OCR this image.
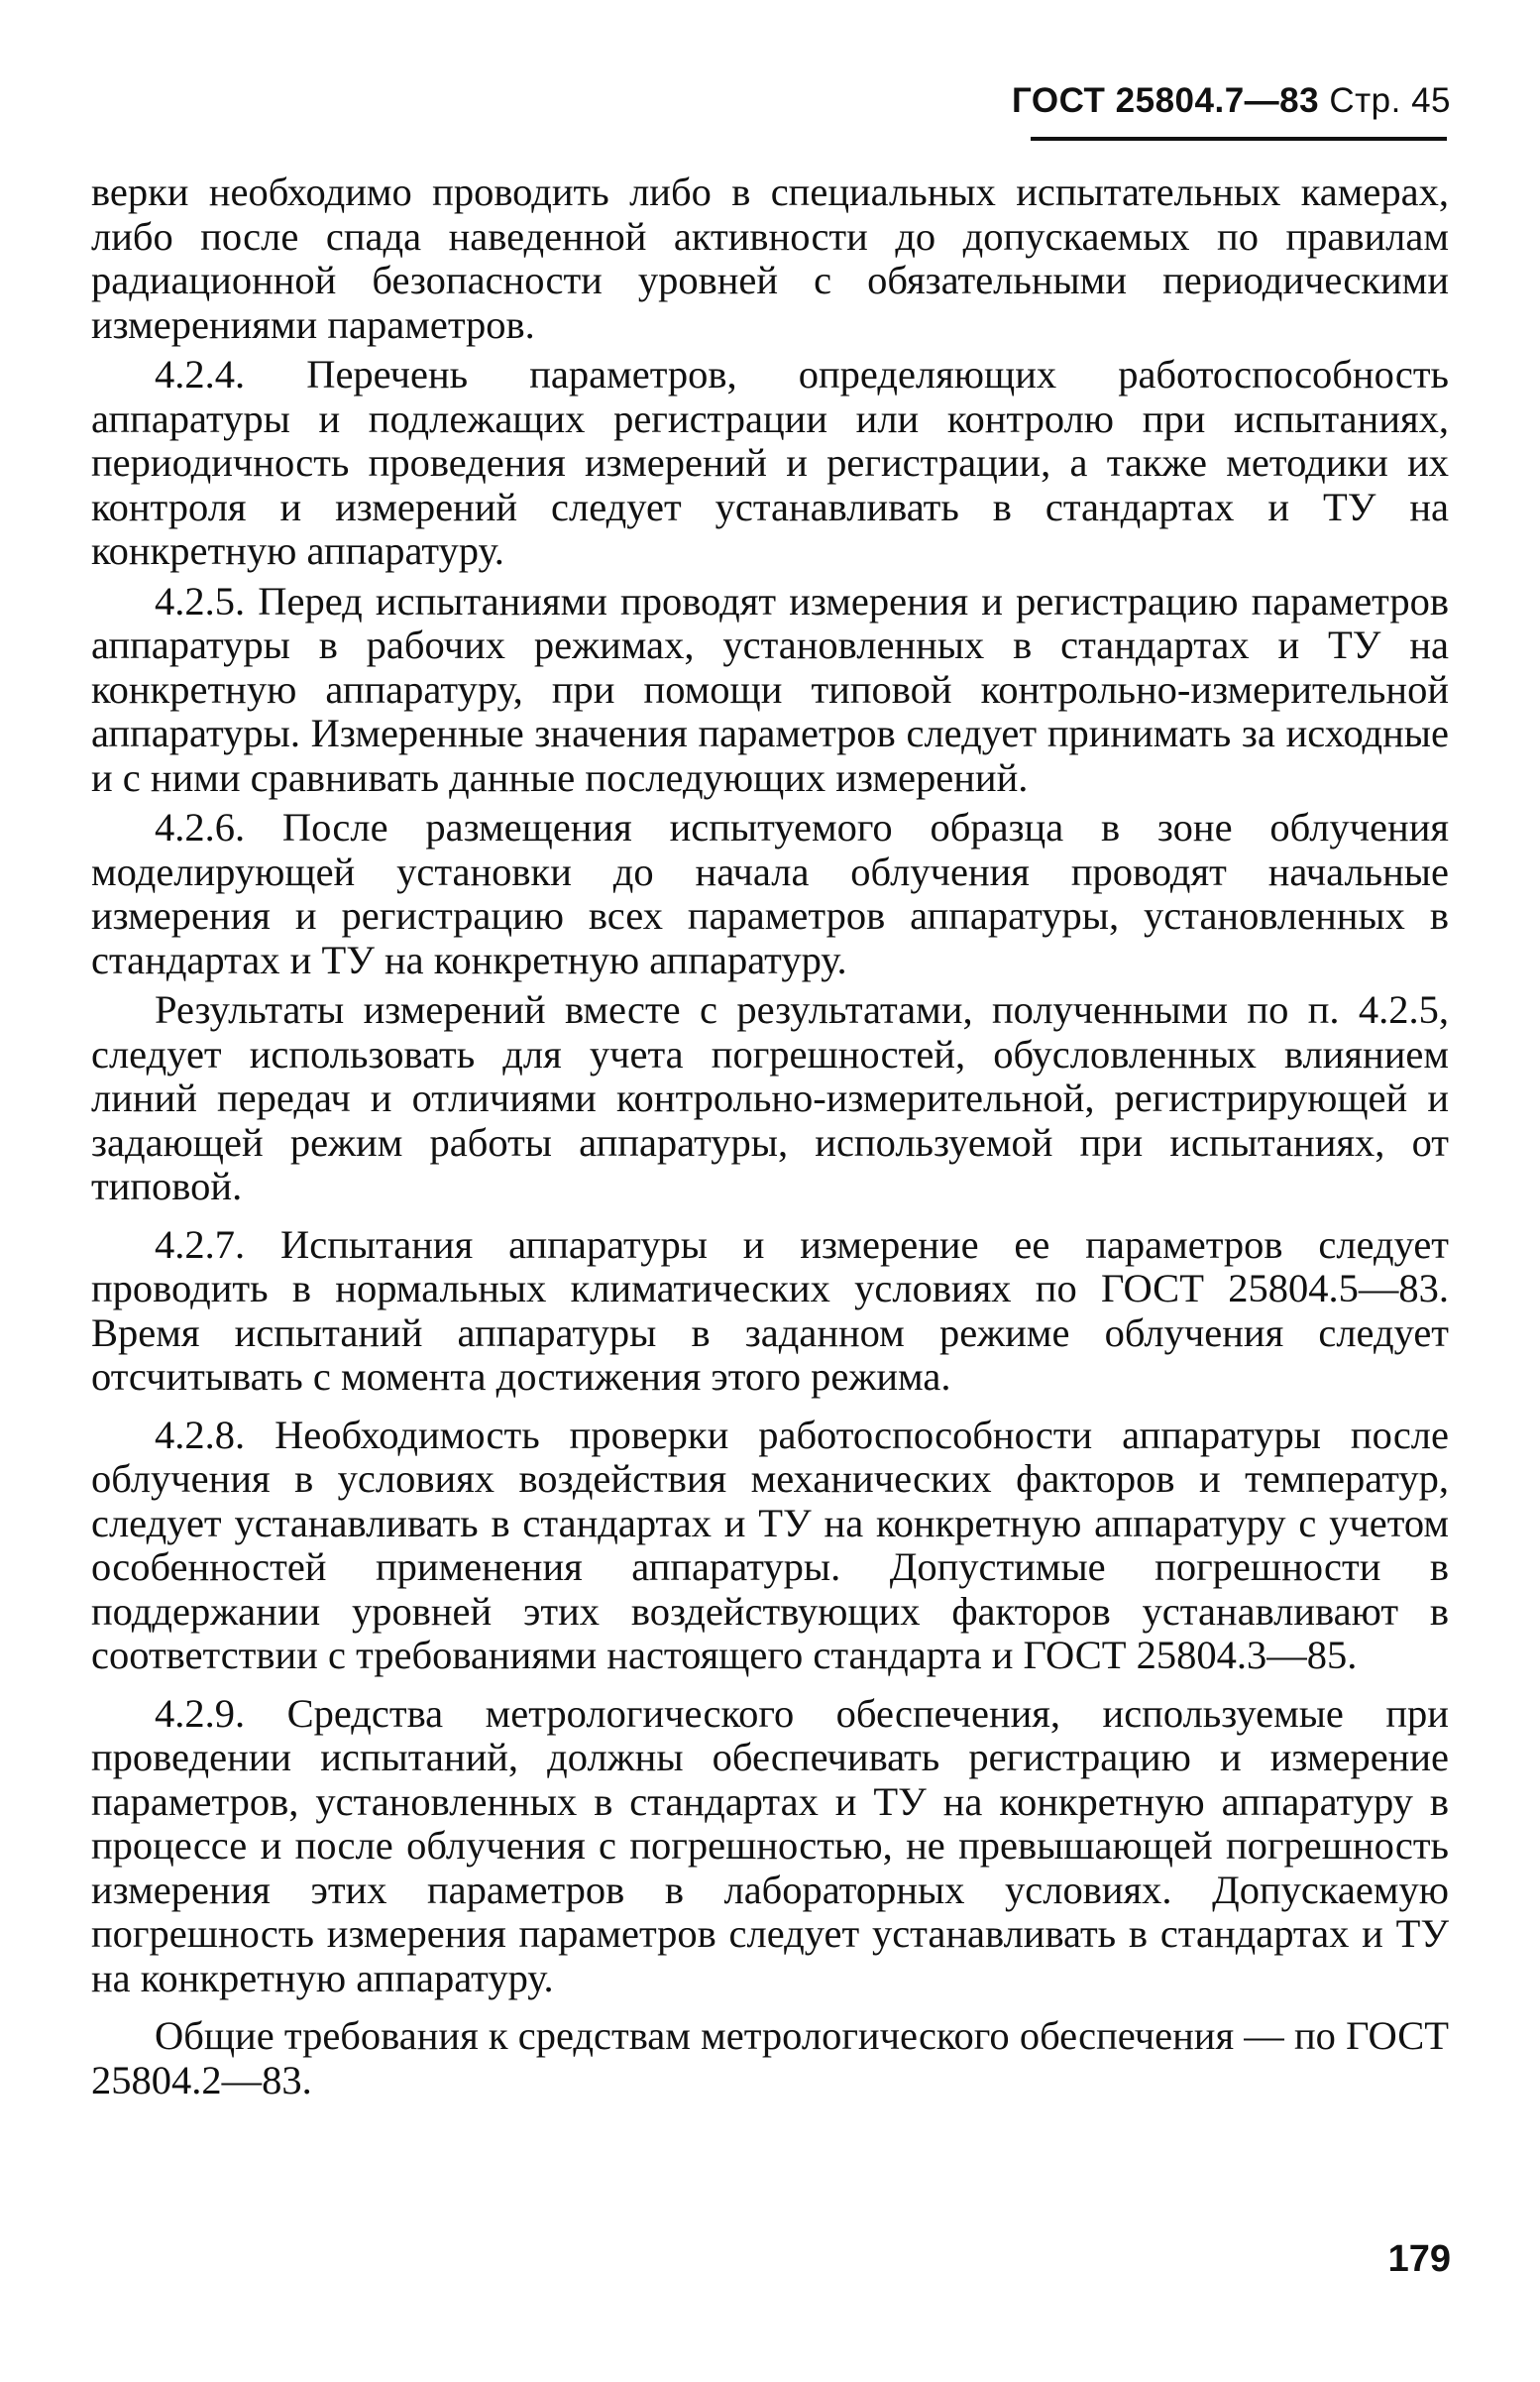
ГОСТ 25804.7—83 Стр. 45

верки необходимо проводить либо в специальных испытательных камерах, либо после спада наведенной активности до допускаемых по правилам радиационной безопасности уровней с обязательными периодическими измерениями параметров.

4.2.4. Перечень параметров, определяющих работоспособность аппаратуры и подлежащих регистрации или контролю при испытаниях, периодичность проведения измерений и регистрации, а также методики их контроля и измерений следует устанавливать в стандартах и ТУ на конкретную аппаратуру.

4.2.5. Перед испытаниями проводят измерения и регистрацию параметров аппаратуры в рабочих режимах, установленных в стандартах и ТУ на конкретную аппаратуру, при помощи типовой контрольно-измерительной аппаратуры. Измеренные значения параметров следует принимать за исходные и с ними сравнивать данные последующих измерений.

4.2.6. После размещения испытуемого образца в зоне облучения моделирующей установки до начала облучения проводят начальные измерения и регистрацию всех параметров аппаратуры, установленных в стандартах и ТУ на конкретную аппаратуру.

Результаты измерений вместе с результатами, полученными по п. 4.2.5, следует использовать для учета погрешностей, обусловленных влиянием линий передач и отличиями контрольно-измерительной, регистрирующей и задающей режим работы аппаратуры, используемой при испытаниях, от типовой.

4.2.7. Испытания аппаратуры и измерение ее параметров следует проводить в нормальных климатических условиях по ГОСТ 25804.5—83. Время испытаний аппаратуры в заданном режиме облучения следует отсчитывать с момента достижения этого режима.

4.2.8. Необходимость проверки работоспособности аппаратуры после облучения в условиях воздействия механических факторов и температур, следует устанавливать в стандартах и ТУ на конкретную аппаратуру с учетом особенностей применения аппаратуры. Допустимые погрешности в поддержании уровней этих воздействующих факторов устанавливают в соответствии с требованиями настоящего стандарта и ГОСТ 25804.3—85.

4.2.9. Средства метрологического обеспечения, используемые при проведении испытаний, должны обеспечивать регистрацию и измерение параметров, установленных в стандартах и ТУ на конкретную аппаратуру в процессе и после облучения с погрешностью, не превышающей погрешность измерения этих параметров в лабораторных условиях. Допускаемую погрешность измерения параметров следует устанавливать в стандартах и ТУ на конкретную аппаратуру.

Общие требования к средствам метрологического обеспечения — по ГОСТ 25804.2—83.

179
